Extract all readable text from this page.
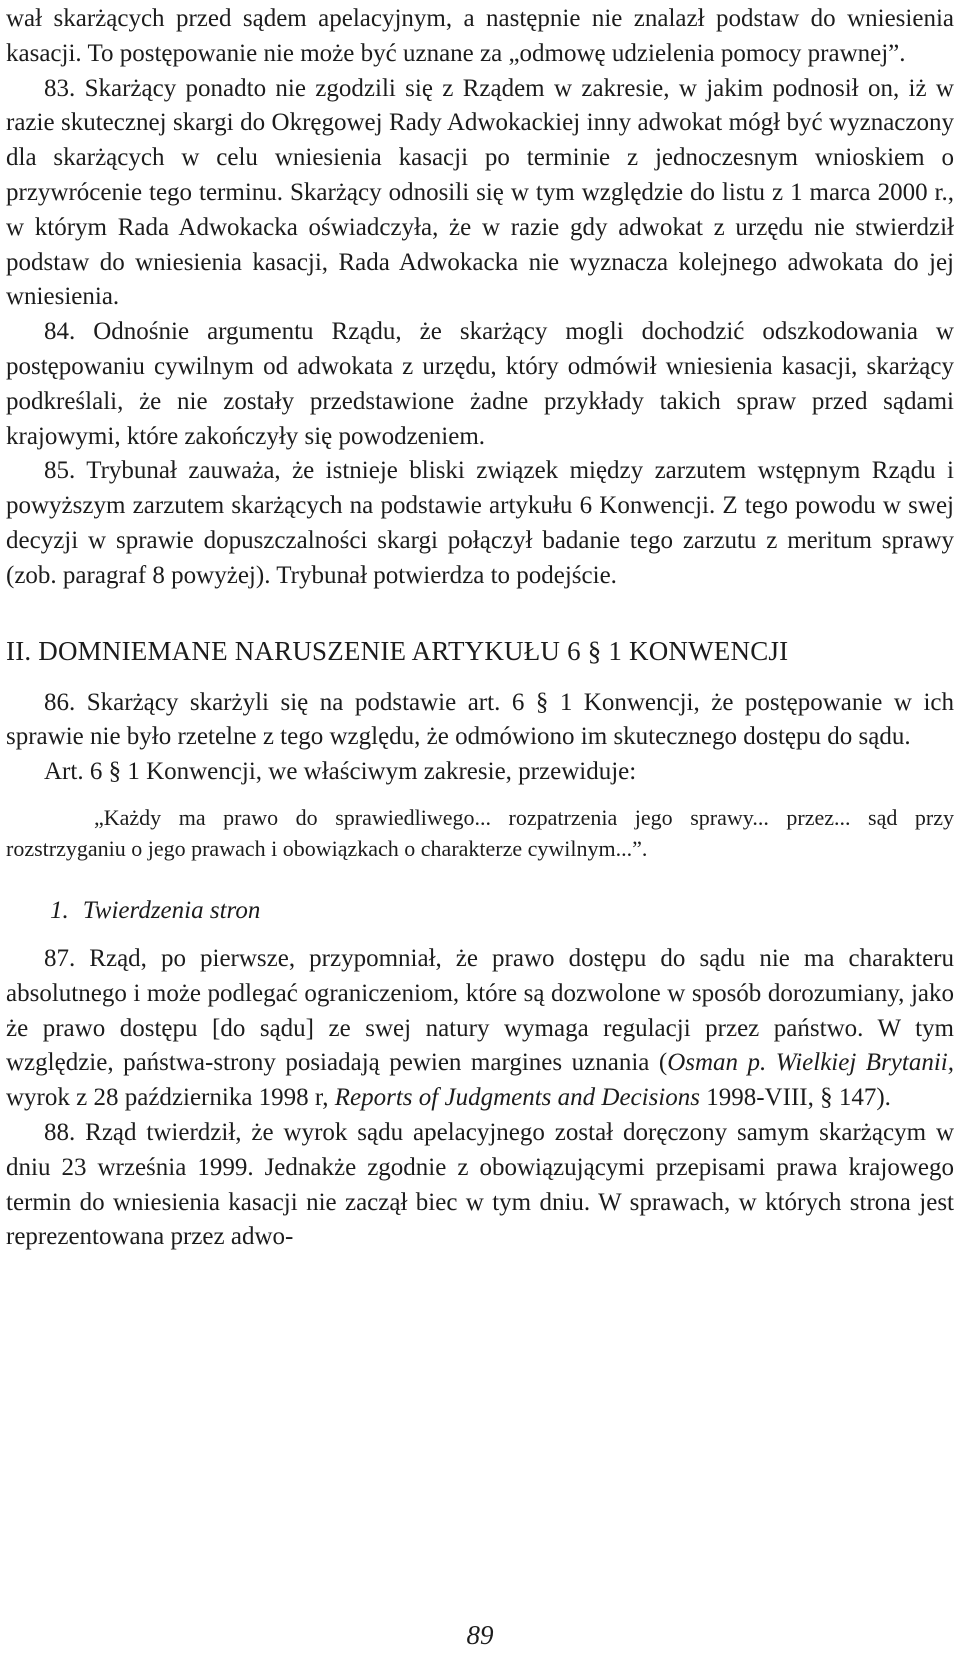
wał skarżących przed sądem apelacyjnym, a następnie nie znalazł podstaw do wniesienia kasacji. To postępowanie nie może być uznane za „odmowę udzielenia pomocy prawnej”.

83. Skarżący ponadto nie zgodzili się z Rządem w zakresie, w jakim podnosił on, iż w razie skutecznej skargi do Okręgowej Rady Adwokackiej inny adwokat mógł być wyznaczony dla skarżących w celu wniesienia kasacji po terminie z jednoczesnym wnioskiem o przywrócenie tego terminu. Skarżący odnosili się w tym względzie do listu z 1 marca 2000 r., w którym Rada Adwokacka oświadczyła, że w razie gdy adwokat z urzędu nie stwierdził podstaw do wniesienia kasacji, Rada Adwokacka nie wyznacza kolejnego adwokata do jej wniesienia.

84. Odnośnie argumentu Rządu, że skarżący mogli dochodzić odszkodowania w postępowaniu cywilnym od adwokata z urzędu, który odmówił wniesienia kasacji, skarżący podkreślali, że nie zostały przedstawione żadne przykłady takich spraw przed sądami krajowymi, które zakończyły się powodzeniem.

85. Trybunał zauważa, że istnieje bliski związek między zarzutem wstępnym Rządu i powyższym zarzutem skarżących na podstawie artykułu 6 Konwencji. Z tego powodu w swej decyzji w sprawie dopuszczalności skargi połączył badanie tego zarzutu z meritum sprawy (zob. paragraf 8 powyżej). Trybunał potwierdza to podejście.

II. DOMNIEMANE NARUSZENIE ARTYKUŁU 6 § 1 KONWENCJI

86. Skarżący skarżyli się na podstawie art. 6 § 1 Konwencji, że postępowanie w ich sprawie nie było rzetelne z tego względu, że odmówiono im skutecznego dostępu do sądu.

Art. 6 § 1 Konwencji, we właściwym zakresie, przewiduje:

„Każdy ma prawo do sprawiedliwego... rozpatrzenia jego sprawy... przez... sąd przy rozstrzyganiu o jego prawach i obowiązkach o charakterze cywilnym...”.

1. Twierdzenia stron

87. Rząd, po pierwsze, przypomniał, że prawo dostępu do sądu nie ma charakteru absolutnego i może podlegać ograniczeniom, które są dozwolone w sposób dorozumiany, jako że prawo dostępu [do sądu] ze swej natury wymaga regulacji przez państwo. W tym względzie, państwa-strony posiadają pewien margines uznania (Osman p. Wielkiej Brytanii, wyrok z 28 października 1998 r, Reports of Judgments and Decisions 1998-VIII, § 147).

88. Rząd twierdził, że wyrok sądu apelacyjnego został doręczony samym skarżącym w dniu 23 września 1999. Jednakże zgodnie z obowiązującymi przepisami prawa krajowego termin do wniesienia kasacji nie zaczął biec w tym dniu. W sprawach, w których strona jest reprezentowana przez adwo-

89
